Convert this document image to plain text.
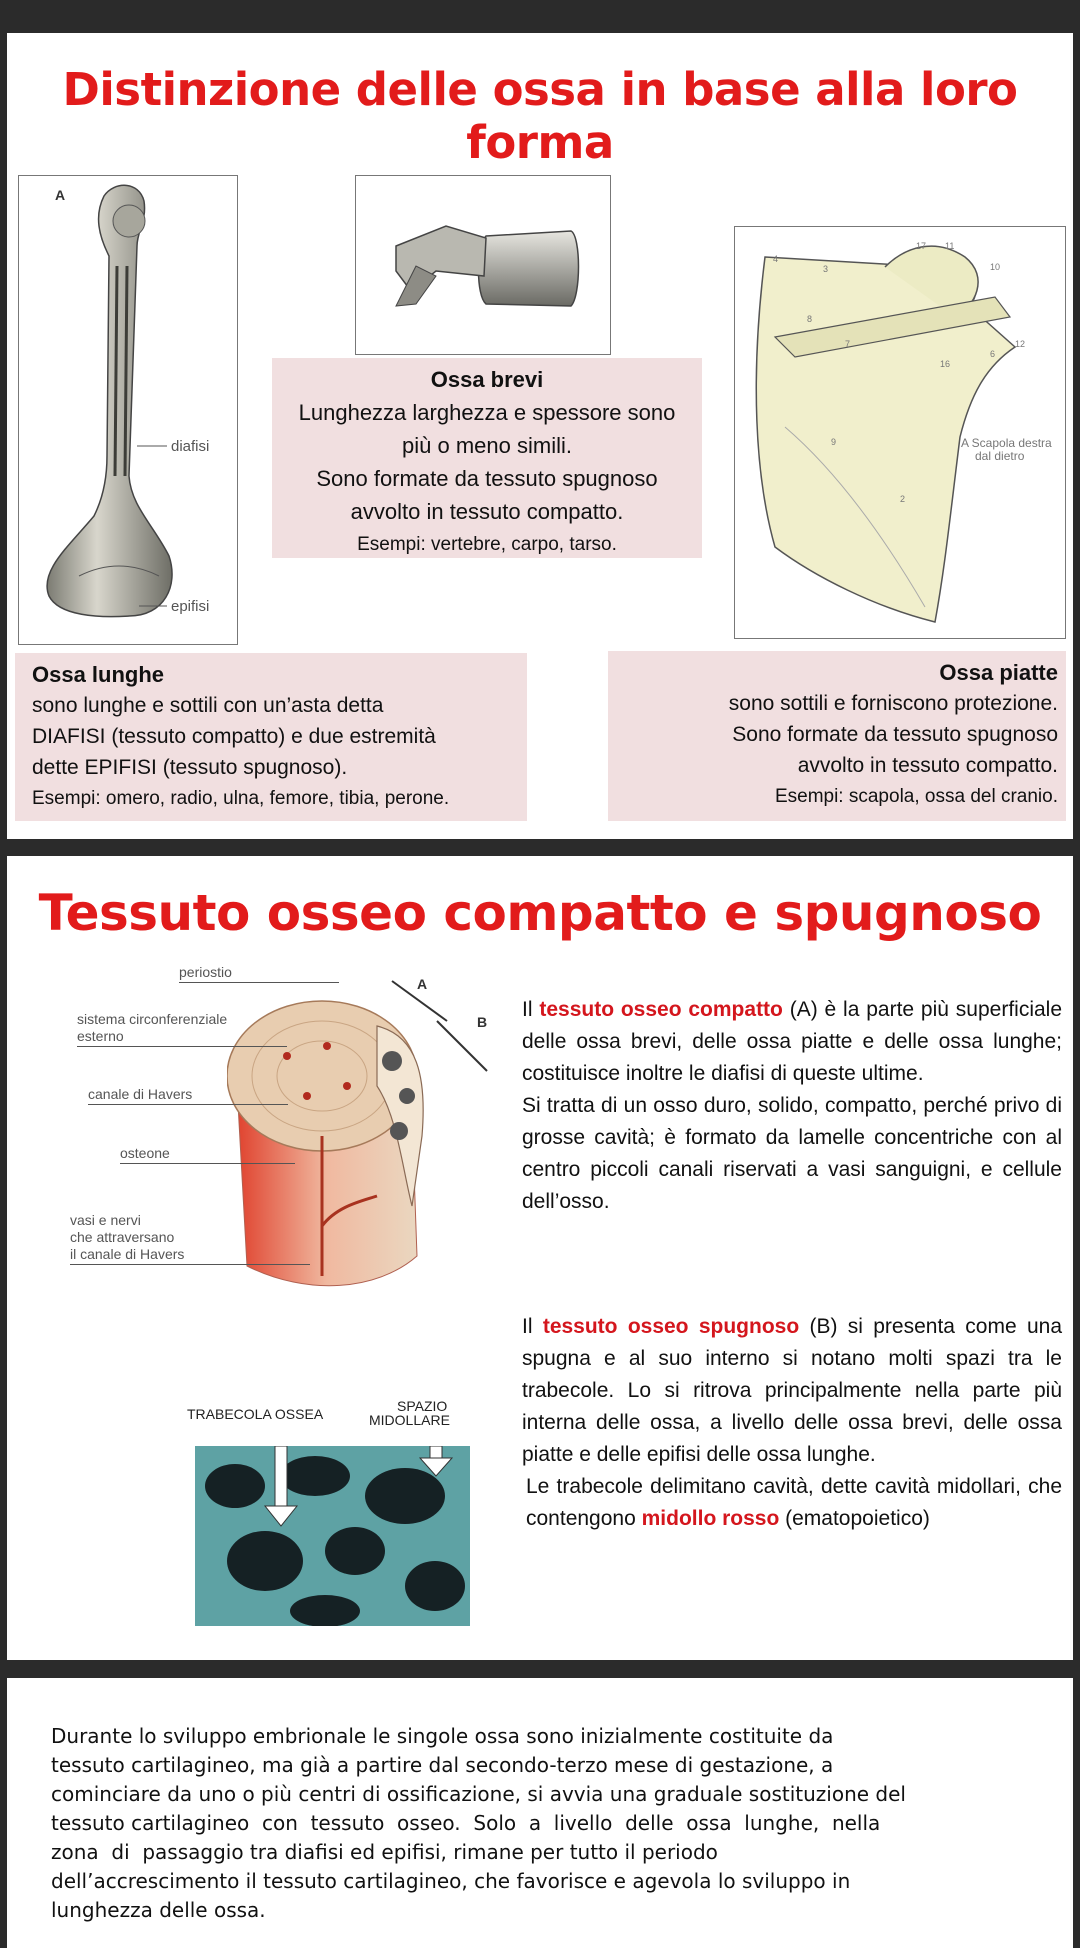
Distinzione delle ossa in base alla loro forma
A
diafisi
epifisi
17 11
10
4
3
8
12
6
7
16
9
2
A Scapola destra
dal dietro
Ossa brevi
Lunghezza larghezza e spessore sono
più o meno simili.
Sono formate da tessuto spugnoso
avvolto in tessuto compatto.
Esempi: vertebre, carpo, tarso.
Ossa lunghe
sono lunghe e sottili con un’asta detta
DIAFISI (tessuto compatto) e due estremità
dette EPIFISI (tessuto spugnoso).
Esempi: omero, radio, ulna, femore, tibia, perone.
Ossa piatte
sono sottili e forniscono protezione.
Sono formate da tessuto spugnoso
avvolto in tessuto compatto.
Esempi: scapola, ossa del cranio.
Tessuto osseo compatto e spugnoso
periostio
sistema circonferenziale
esterno
canale di Havers
osteone
vasi e nervi
che attraversano
il canale di Havers
A
B
TRABECOLA OSSEA	SPAZIO
MIDOLLARE
Il tessuto osseo compatto (A) è la parte più superficiale delle ossa brevi, delle ossa piatte e delle ossa lunghe; costituisce inoltre le diafisi di queste ultime.
Si tratta di un osso duro, solido, compatto, perché privo di grosse cavità; è formato da lamelle concentriche con al centro piccoli canali riservati a vasi sanguigni, e cellule dell’osso.
Il tessuto osseo spugnoso (B) si presenta come una spugna e al suo interno si notano molti spazi tra le trabecole. Lo si ritrova principalmente nella parte più interna delle ossa, a livello delle ossa brevi, delle ossa piatte e delle epifisi delle ossa lunghe.
Le trabecole delimitano cavità, dette cavità midollari, che contengono midollo rosso (ematopoietico)
Durante lo sviluppo embrionale le singole ossa sono inizialmente costituite da
tessuto cartilagineo, ma già a partire dal secondo-terzo mese di gestazione, a
cominciare da uno o più centri di ossificazione, si avvia una graduale sostituzione del
tessuto cartilagineo  con  tessuto  osseo.  Solo  a  livello  delle  ossa  lunghe,  nella
zona  di  passaggio tra diafisi ed epifisi, rimane per tutto il periodo
dell’accrescimento il tessuto cartilagineo, che favorisce e agevola lo sviluppo in
lunghezza delle ossa.
